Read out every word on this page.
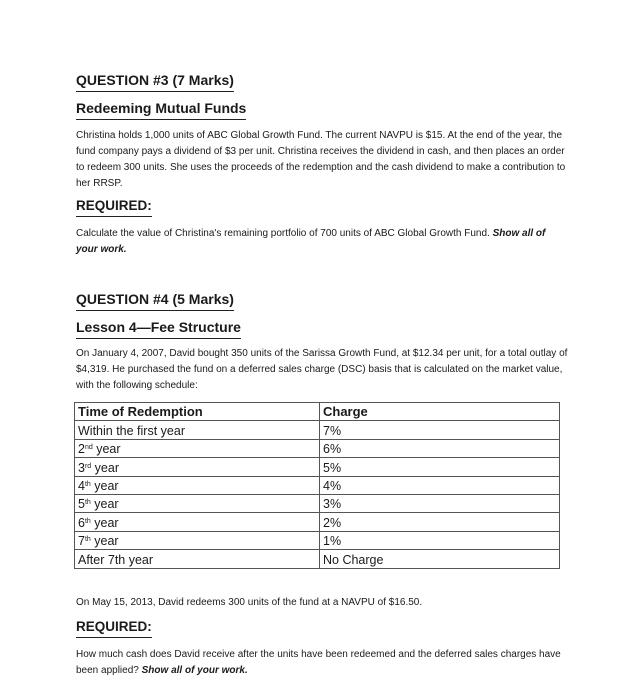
QUESTION #3 (7 Marks)
Redeeming Mutual Funds

Christina holds 1,000 units of ABC Global Growth Fund. The current NAVPU is $15. At the end of the year, the fund company pays a dividend of $3 per unit. Christina receives the dividend in cash, and then places an order to redeem 300 units. She uses the proceeds of the redemption and the cash dividend to make a contribution to her RRSP.

REQUIRED:

Calculate the value of Christina's remaining portfolio of 700 units of ABC Global Growth Fund. Show all of your work.

QUESTION #4 (5 Marks)
Lesson 4—Fee Structure

On January 4, 2007, David bought 350 units of the Sarissa Growth Fund, at $12.34 per unit, for a total outlay of $4,319. He purchased the fund on a deferred sales charge (DSC) basis that is calculated on the market value, with the following schedule:

Time of Redemption	Charge
Within the first year	7%
2nd year	6%
3rd year	5%
4th year	4%
5th year	3%
6th year	2%
7th year	1%
After 7th year	No Charge

On May 15, 2013, David redeems 300 units of the fund at a NAVPU of $16.50.

REQUIRED:

How much cash does David receive after the units have been redeemed and the deferred sales charges have been applied? Show all of your work.
